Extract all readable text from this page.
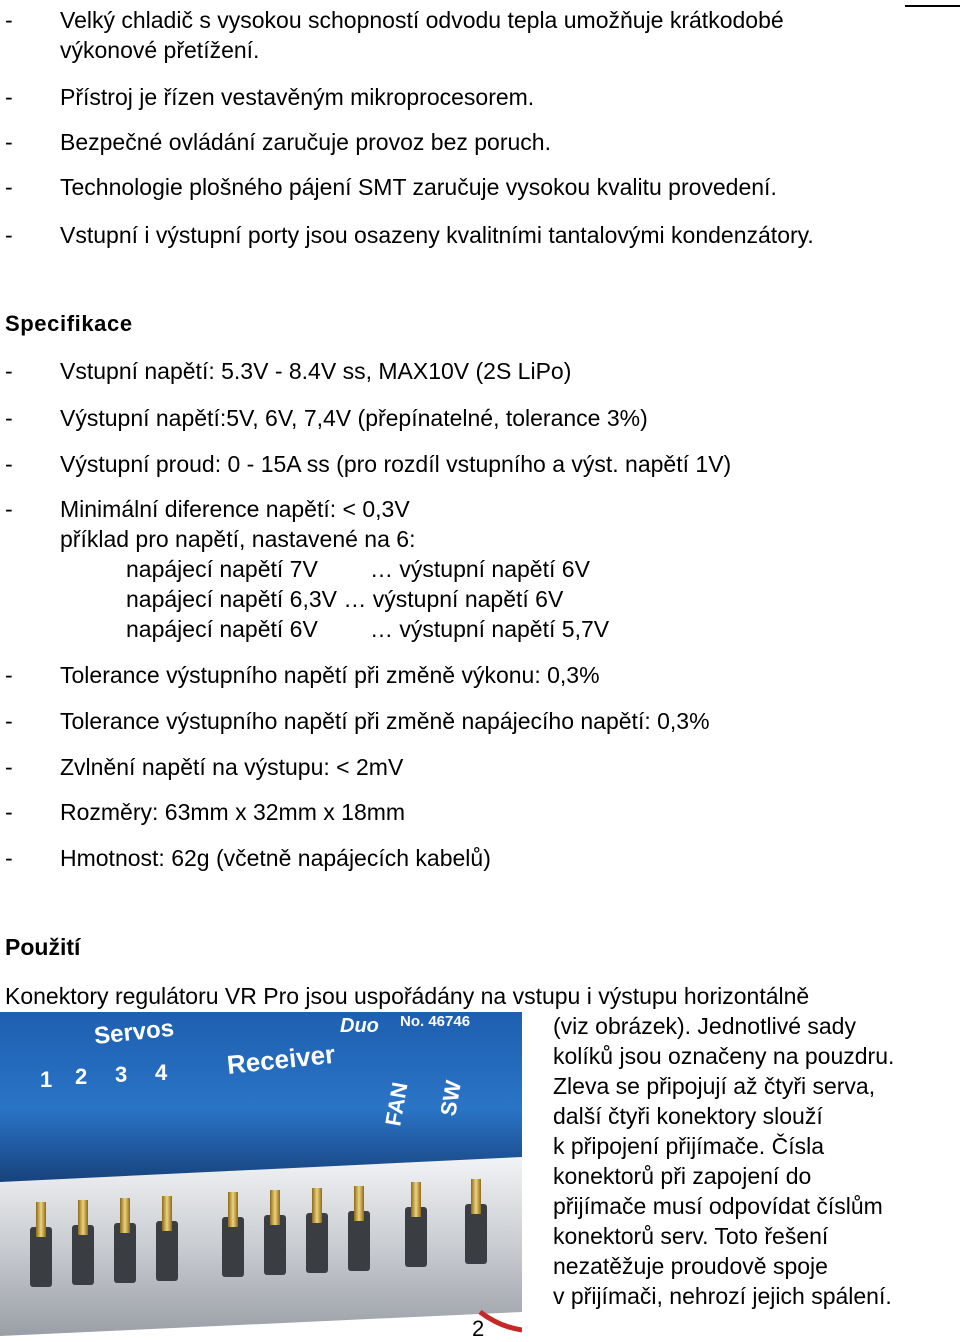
- Velký chladič s vysokou schopností odvodu tepla umožňuje krátkodobé
výkonové přetížení.
- Přístroj je řízen vestavěným mikroprocesorem.
- Bezpečné ovládání zaručuje provoz bez poruch.
- Technologie plošného pájení SMT zaručuje vysokou kvalitu provedení.
- Vstupní i výstupní porty jsou osazeny kvalitními tantalovými kondenzátory.
Specifikace
- Vstupní napětí: 5.3V - 8.4V ss, MAX10V (2S LiPo)
- Výstupní napětí:5V, 6V, 7,4V (přepínatelné, tolerance 3%)
- Výstupní proud: 0 - 15A ss (pro rozdíl vstupního a výst. napětí 1V)
- Minimální diference napětí: < 0,3V
příklad pro napětí, nastavené na 6:
napájecí napětí 7V … výstupní napětí 6V
napájecí napětí 6,3V … výstupní napětí 6V
napájecí napětí 6V … výstupní napětí 5,7V
- Tolerance výstupního napětí při změně výkonu: 0,3%
- Tolerance výstupního napětí při změně napájecího napětí: 0,3%
- Zvlnění napětí na výstupu: < 2mV
- Rozměry: 63mm x 32mm x 18mm
- Hmotnost: 62g (včetně napájecích kabelů)
Použití
Konektory regulátoru VR Pro jsou uspořádány na vstupu i výstupu horizontálně
(viz obrázek). Jednotlivé sady
kolíků jsou označeny na pouzdru.
Zleva se připojují až čtyři serva,
další čtyři konektory slouží
k připojení přijímače. Čísla
konektorů při zapojení do
přijímače musí odpovídat číslům
konektorů serv. Toto řešení
nezatěžuje proudově spoje
v přijímači, nehrozí jejich spálení.
Servos
1 2 3 4 Receiver
FAN SW
Duo No. 46746
2
